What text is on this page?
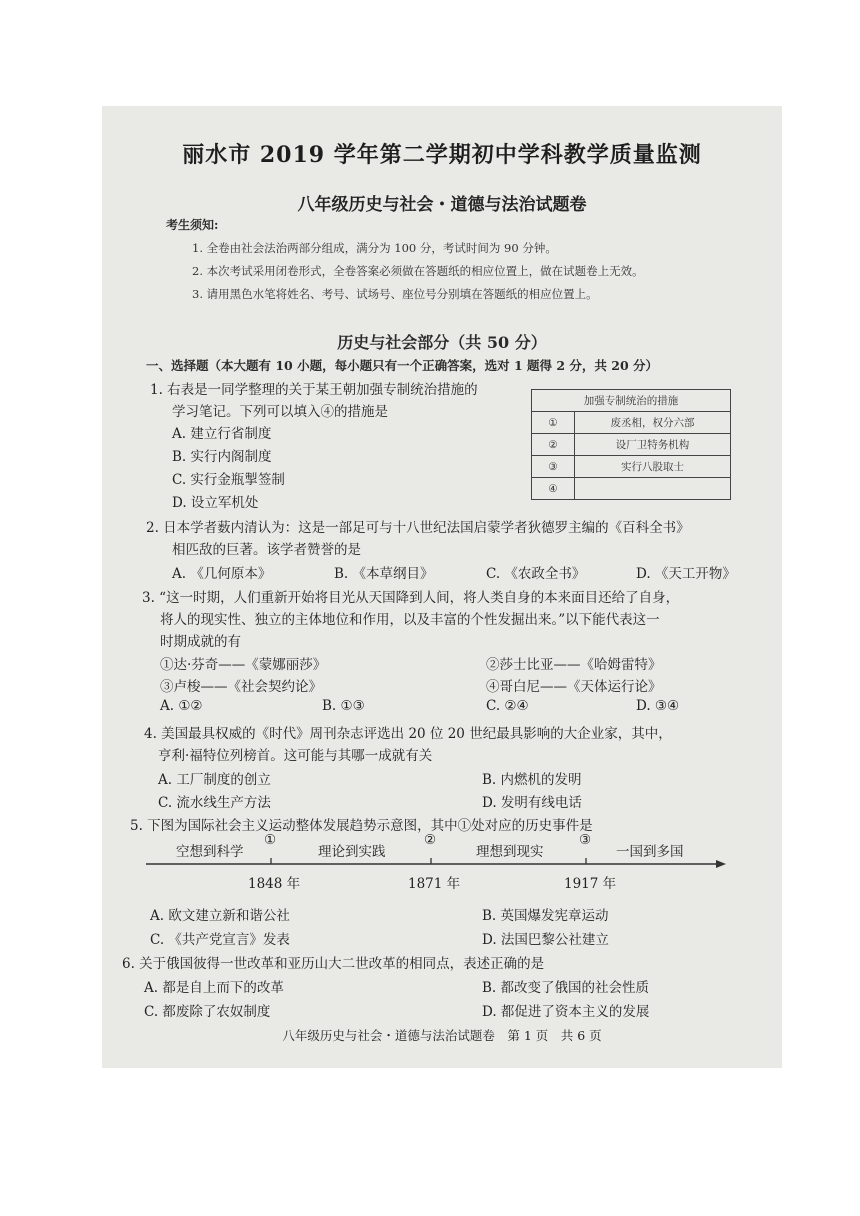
丽水市 2019 学年第二学期初中学科教学质量监测
八年级历史与社会・道德与法治试题卷
考生须知:
1. 全卷由社会法治两部分组成，满分为 100 分，考试时间为 90 分钟。
2. 本次考试采用闭卷形式，全卷答案必须做在答题纸的相应位置上，做在试题卷上无效。
3. 请用黑色水笔将姓名、考号、试场号、座位号分别填在答题纸的相应位置上。
历史与社会部分（共 50 分）
一、选择题（本大题有 10 小题，每小题只有一个正确答案，选对 1 题得 2 分，共 20 分）
1. 右表是一同学整理的关于某王朝加强专制统治措施的
学习笔记。下列可以填入④的措施是
A. 建立行省制度
B. 实行内阁制度
C. 实行金瓶掣签制
D. 设立军机处
加强专制统治的措施	
①	废丞相，权分六部
②	设厂卫特务机构
③	实行八股取士
④	
2. 日本学者薮内清认为：这是一部足可与十八世纪法国启蒙学者狄德罗主编的《百科全书》
相匹敌的巨著。该学者赞誉的是
A. 《几何原本》	B. 《本草纲目》	C. 《农政全书》	D. 《天工开物》
3. “这一时期，人们重新开始将目光从天国降到人间，将人类自身的本来面目还给了自身，
将人的现实性、独立的主体地位和作用，以及丰富的个性发掘出来。”以下能代表这一
时期成就的有
①达·芬奇——《蒙娜丽莎》	②莎士比亚——《哈姆雷特》
③卢梭——《社会契约论》	④哥白尼——《天体运行论》
A. ①②	B. ①③	C. ②④	D. ③④
4. 美国最具权威的《时代》周刊杂志评选出 20 位 20 世纪最具影响的大企业家，其中，
亨利·福特位列榜首。这可能与其哪一成就有关
A. 工厂制度的创立	B. 内燃机的发明
C. 流水线生产方法	D. 发明有线电话
5. 下图为国际社会主义运动整体发展趋势示意图，其中①处对应的历史事件是
空想到科学	理论到实践	理想到现实	一国到多国
①	②	③
1848 年	1871 年	1917 年
A. 欧文建立新和谐公社	B. 英国爆发宪章运动
C. 《共产党宣言》发表	D. 法国巴黎公社建立
6. 关于俄国彼得一世改革和亚历山大二世改革的相同点，表述正确的是
A. 都是自上而下的改革	B. 都改变了俄国的社会性质
C. 都废除了农奴制度	D. 都促进了资本主义的发展
八年级历史与社会・道德与法治试题卷　第 1 页　共 6 页
